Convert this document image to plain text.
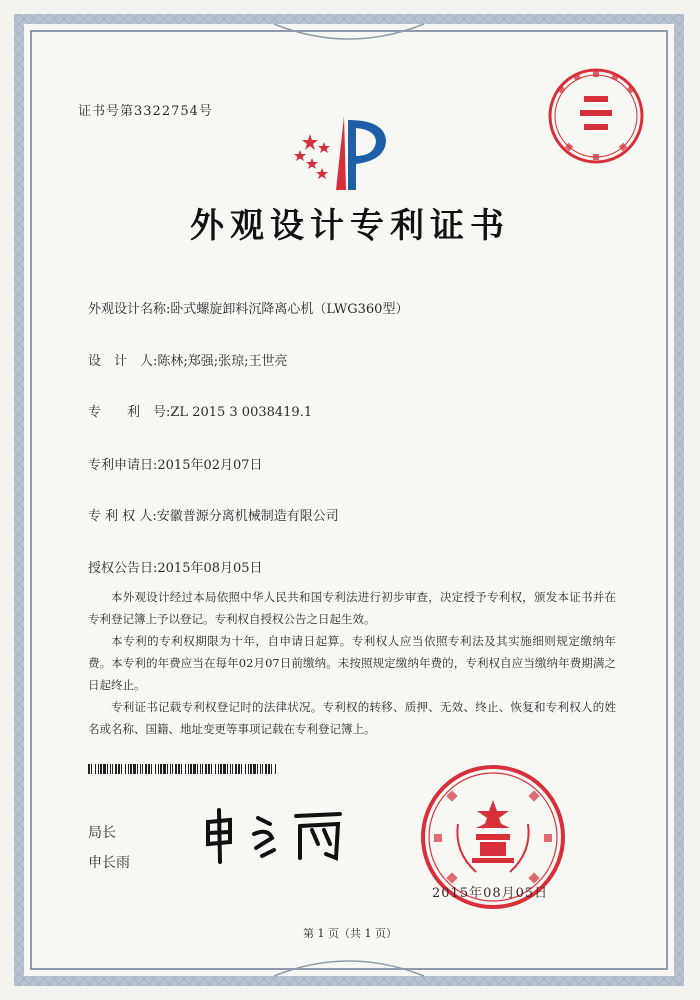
证书号第3322754号
外观设计专利证书
外观设计名称:卧式螺旋卸料沉降离心机（LWG360型）
设　计　人:陈林;郑强;张琼;王世亮
专　　利　号:ZL 2015 3 0038419.1
专利申请日:2015年02月07日
专 利 权 人:安徽普源分离机械制造有限公司
授权公告日:2015年08月05日

本外观设计经过本局依照中华人民共和国专利法进行初步审查，决定授予专利权，颁发本证书并在专利登记簿上予以登记。专利权自授权公告之日起生效。

本专利的专利权期限为十年，自申请日起算。专利权人应当依照专利法及其实施细则规定缴纳年费。本专利的年费应当在每年02月07日前缴纳。未按照规定缴纳年费的，专利权自应当缴纳年费期满之日起终止。

专利证书记载专利权登记时的法律状况。专利权的转移、质押、无效、终止、恢复和专利权人的姓名或名称、国籍、地址变更等事项记载在专利登记簿上。

局长
申长雨
2015年08月05日
第 1 页（共 1 页）
